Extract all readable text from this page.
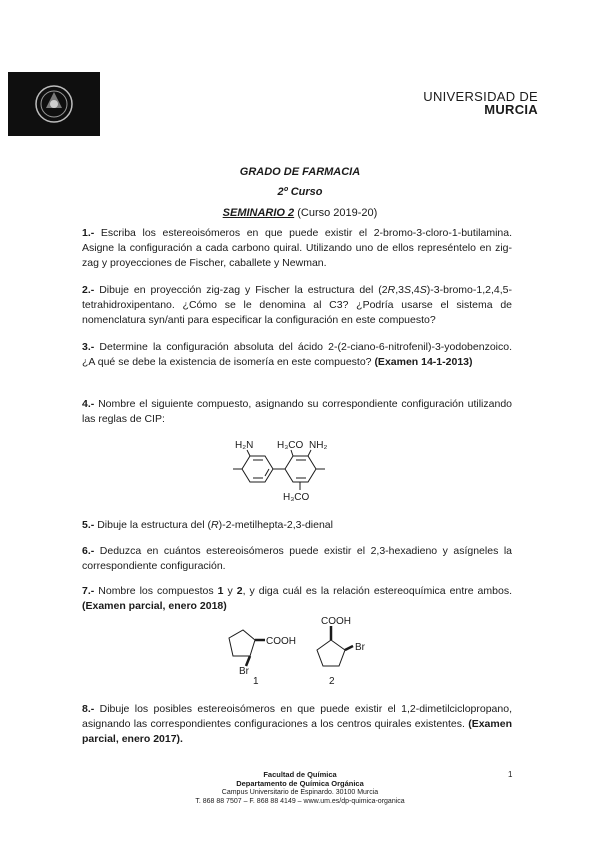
UNIVERSIDAD DE
MURCIA
GRADO DE FARMACIA
2º Curso
SEMINARIO 2 (Curso 2019-20)
1.- Escriba los estereoisómeros en que puede existir el 2-bromo-3-cloro-1-butilamina. Asigne la configuración a cada carbono quiral. Utilizando uno de ellos represéntelo en zig-zag y proyecciones de Fischer, caballete y Newman.
2.- Dibuje en proyección zig-zag y Fischer la estructura del (2R,3S,4S)-3-bromo-1,2,4,5-tetrahidroxipentano. ¿Cómo se le denomina al C3? ¿Podría usarse el sistema de nomenclatura syn/anti para especificar la configuración en este compuesto?
3.- Determine la configuración absoluta del ácido 2-(2-ciano-6-nitrofenil)-3-yodobenzoico. ¿A qué se debe la existencia de isomería en este compuesto? (Examen 14-1-2013)
4.- Nombre el siguiente compuesto, asignando su correspondiente configuración utilizando las reglas de CIP:
H₂N H₃CO NH₂
H₃CO
5.- Dibuje la estructura del (R)-2-metilhepta-2,3-dienal
6.- Deduzca en cuántos estereoisómeros puede existir el 2,3-hexadieno y asígneles la correspondiente configuración.
7.- Nombre los compuestos 1 y 2, y diga cuál es la relación estereoquímica entre ambos. (Examen parcial, enero 2018)
COOH
Br
1
COOH
Br
2
8.- Dibuje los posibles estereoisómeros en que puede existir el 1,2-dimetilciclopropano, asignando las correspondientes configuraciones a los centros quirales existentes. (Examen parcial, enero 2017).
Facultad de Química
Departamento de Química Orgánica
Campus Universitario de Espinardo. 30100 Murcia
T. 868 88 7507 – F. 868 88 4149 – www.um.es/dp-quimica-organica
1
